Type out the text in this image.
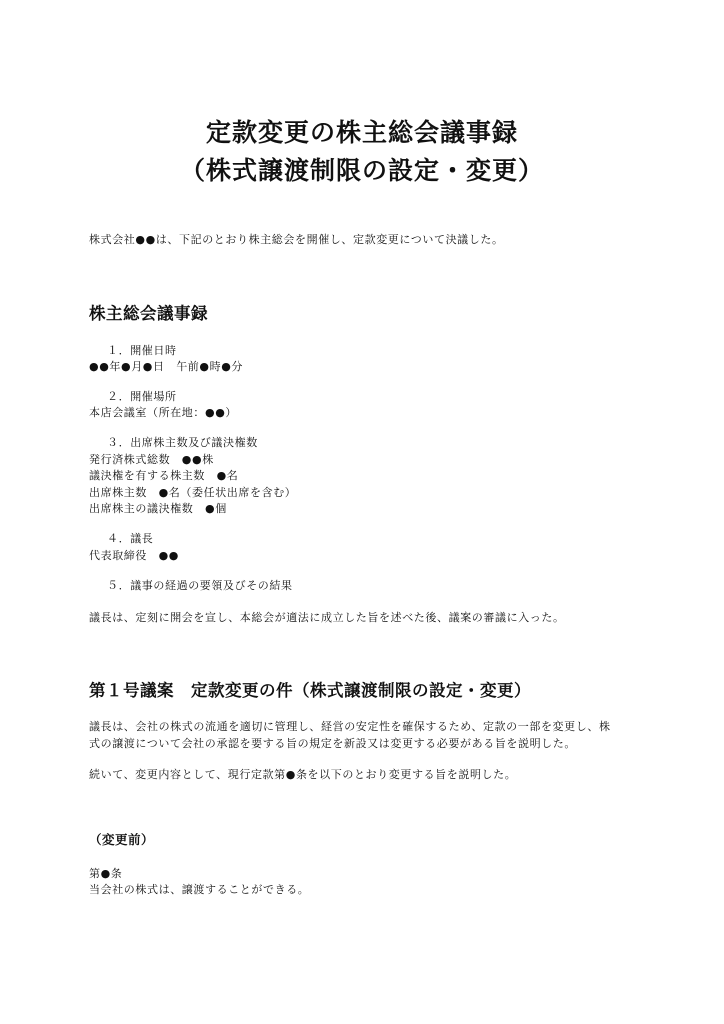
定款変更の株主総会議事録
（株式譲渡制限の設定・変更）
株式会社●●は、下記のとおり株主総会を開催し、定款変更について決議した。
株主総会議事録
１．開催日時
●●年●月●日　午前●時●分
２．開催場所
本店会議室（所在地：●●）
３．出席株主数及び議決権数
発行済株式総数　●●株
議決権を有する株主数　●名
出席株主数　●名（委任状出席を含む）
出席株主の議決権数　●個
４．議長
代表取締役　●●
５．議事の経過の要領及びその結果
議長は、定刻に開会を宣し、本総会が適法に成立した旨を述べた後、議案の審議に入った。
第１号議案　定款変更の件（株式譲渡制限の設定・変更）
議長は、会社の株式の流通を適切に管理し、経営の安定性を確保するため、定款の一部を変更し、株
式の譲渡について会社の承認を要する旨の規定を新設又は変更する必要がある旨を説明した。
続いて、変更内容として、現行定款第●条を以下のとおり変更する旨を説明した。
（変更前）
第●条
当会社の株式は、譲渡することができる。
